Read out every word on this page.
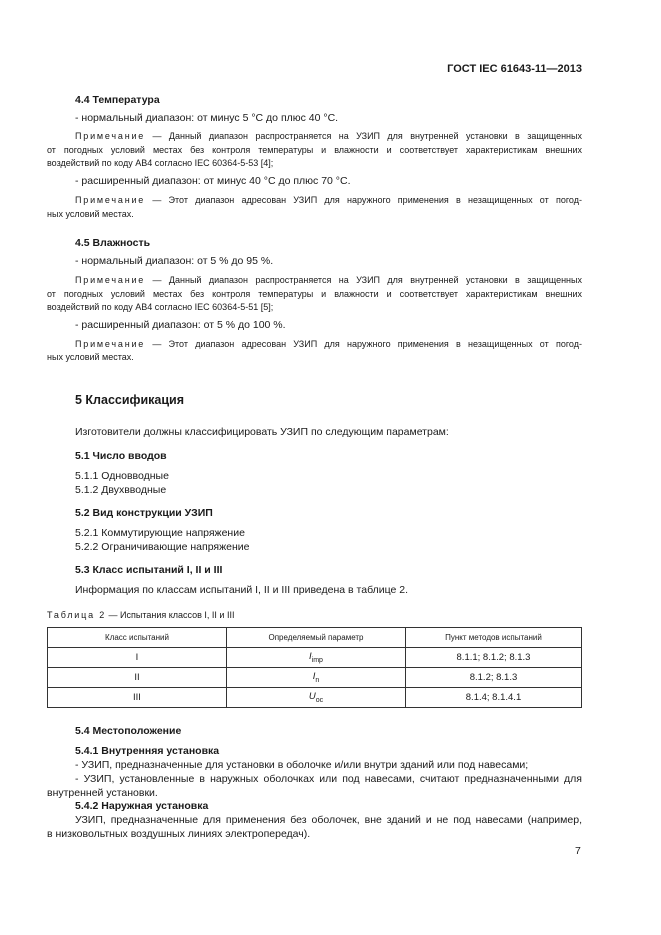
ГОСТ IEC 61643-11—2013
4.4 Температура
- нормальный диапазон: от минус 5 °C до плюс 40 °C.
Примечание — Данный диапазон распространяется на УЗИП для внутренней установки в защищенных
от погодных условий местах без контроля температуры и влажности и соответствует характеристикам внешних
воздействий по коду АВ4 согласно IEC 60364-5-53 [4];
- расширенный диапазон: от минус 40 °C до плюс 70 °C.
Примечание — Этот диапазон адресован УЗИП для наружного применения в незащищенных от погод-
ных условий местах.
4.5 Влажность
- нормальный диапазон: от 5 % до 95 %.
Примечание — Данный диапазон распространяется на УЗИП для внутренней установки в защищенных
от погодных условий местах без контроля температуры и влажности и соответствует характеристикам внешних
воздействий по коду АВ4 согласно IEC 60364-5-51 [5];
- расширенный диапазон: от 5 % до 100 %.
Примечание — Этот диапазон адресован УЗИП для наружного применения в незащищенных от погод-
ных условий местах.
5 Классификация
Изготовители должны классифицировать УЗИП по следующим параметрам:
5.1 Число вводов
5.1.1 Одновводные
5.1.2 Двухвводные
5.2 Вид конструкции УЗИП
5.2.1 Коммутирующие напряжение
5.2.2 Ограничивающие напряжение
5.3 Класс испытаний I, II и III
Информация по классам испытаний I, II и III приведена в таблице 2.
Таблица 2 — Испытания классов I, II и III
Класс испытаний	Определяемый параметр	Пункт методов испытаний
I	$I_{imp}$	8.1.1; 8.1.2; 8.1.3
II	$I_n$	8.1.2; 8.1.3
III	$U_{oc}$	8.1.4; 8.1.4.1
5.4 Местоположение
5.4.1 Внутренняя установка
- УЗИП, предназначенные для установки в оболочке и/или внутри зданий или под навесами;
- УЗИП, установленные в наружных оболочках или под навесами, считают предназначенными для
внутренней установки.
5.4.2 Наружная установка
УЗИП, предназначенные для применения без оболочек, вне зданий и не под навесами (например,
в низковольтных воздушных линиях электропередач).
7
